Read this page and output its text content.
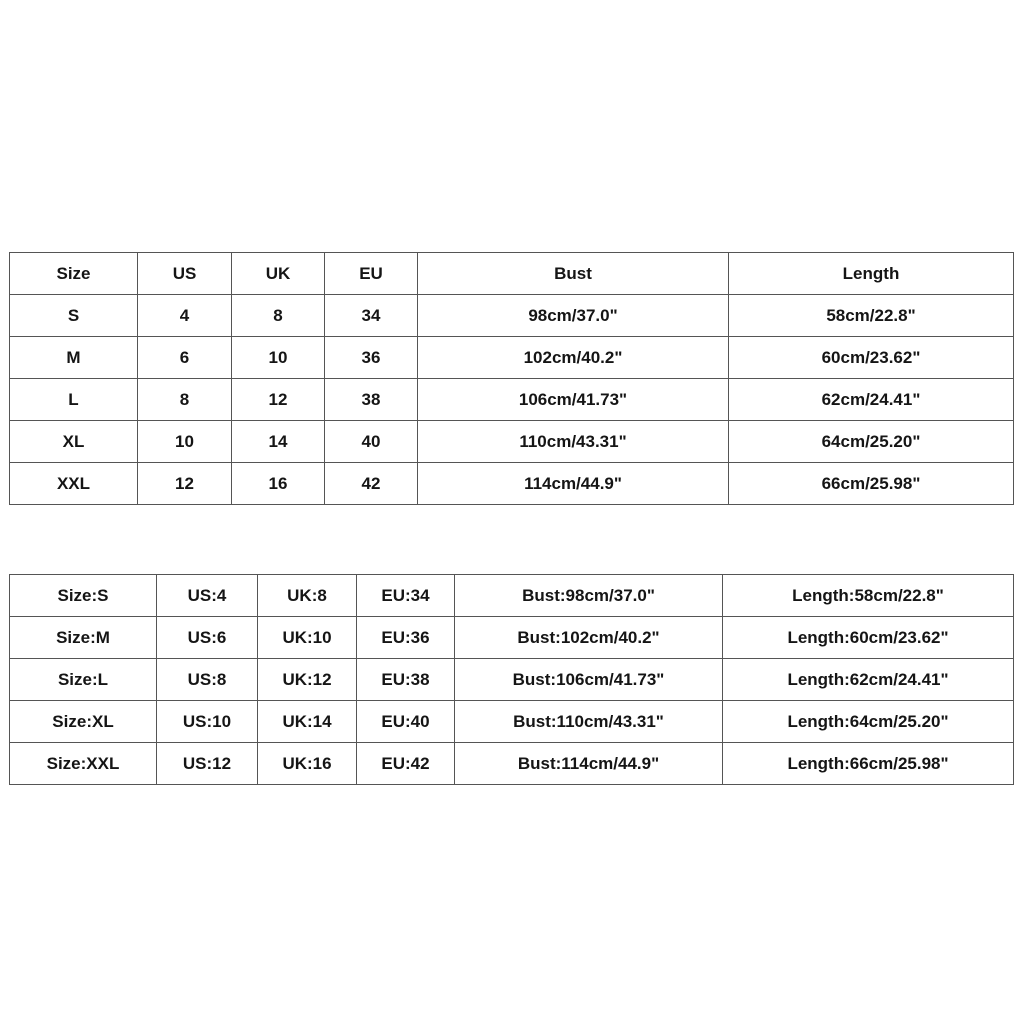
Size	US	UK	EU	Bust	Length
S	4	8	34	98cm/37.0"	58cm/22.8"
M	6	10	36	102cm/40.2"	60cm/23.62"
L	8	12	38	106cm/41.73"	62cm/24.41"
XL	10	14	40	110cm/43.31"	64cm/25.20"
XXL	12	16	42	114cm/44.9"	66cm/25.98"
Size:S	US:4	UK:8	EU:34	Bust:98cm/37.0"	Length:58cm/22.8"
Size:M	US:6	UK:10	EU:36	Bust:102cm/40.2"	Length:60cm/23.62"
Size:L	US:8	UK:12	EU:38	Bust:106cm/41.73"	Length:62cm/24.41"
Size:XL	US:10	UK:14	EU:40	Bust:110cm/43.31"	Length:64cm/25.20"
Size:XXL	US:12	UK:16	EU:42	Bust:114cm/44.9"	Length:66cm/25.98"
